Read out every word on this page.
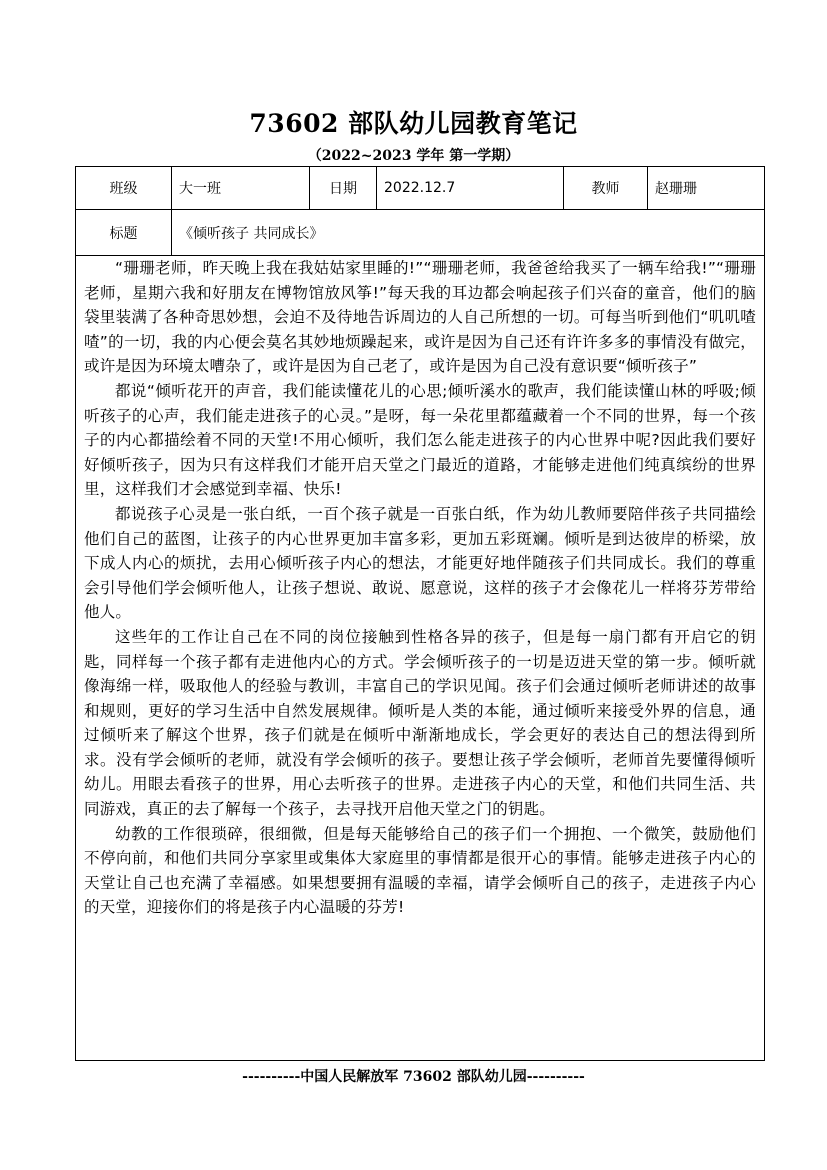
73602 部队幼儿园教育笔记
（2022~2023 学年 第一学期）
班级	大一班	日期	2022.12.7	教师	赵珊珊
标题	《倾听孩子 共同成长》				

“珊珊老师，昨天晚上我在我姑姑家里睡的!”“珊珊老师，我爸爸给我买了一辆车给我!”“珊珊老师，星期六我和好朋友在博物馆放风筝!”每天我的耳边都会响起孩子们兴奋的童音，他们的脑袋里装满了各种奇思妙想，会迫不及待地告诉周边的人自己所想的一切。可每当听到他们“叽叽喳喳”的一切，我的内心便会莫名其妙地烦躁起来，或许是因为自己还有许许多多的事情没有做完，或许是因为环境太嘈杂了，或许是因为自己老了，或许是因为自己没有意识要“倾听孩子”

都说“倾听花开的声音，我们能读懂花儿的心思;倾听溪水的歌声，我们能读懂山林的呼吸;倾听孩子的心声，我们能走进孩子的心灵。”是呀，每一朵花里都蕴藏着一个不同的世界，每一个孩子的内心都描绘着不同的天堂!不用心倾听，我们怎么能走进孩子的内心世界中呢?因此我们要好好倾听孩子，因为只有这样我们才能开启天堂之门最近的道路，才能够走进他们纯真缤纷的世界里，这样我们才会感觉到幸福、快乐!

都说孩子心灵是一张白纸，一百个孩子就是一百张白纸，作为幼儿教师要陪伴孩子共同描绘他们自己的蓝图，让孩子的内心世界更加丰富多彩，更加五彩斑斓。倾听是到达彼岸的桥梁，放下成人内心的烦扰，去用心倾听孩子内心的想法，才能更好地伴随孩子们共同成长。我们的尊重会引导他们学会倾听他人，让孩子想说、敢说、愿意说，这样的孩子才会像花儿一样将芬芳带给他人。

这些年的工作让自己在不同的岗位接触到性格各异的孩子，但是每一扇门都有开启它的钥匙，同样每一个孩子都有走进他内心的方式。学会倾听孩子的一切是迈进天堂的第一步。倾听就像海绵一样，吸取他人的经验与教训，丰富自己的学识见闻。孩子们会通过倾听老师讲述的故事和规则，更好的学习生活中自然发展规律。倾听是人类的本能，通过倾听来接受外界的信息，通过倾听来了解这个世界，孩子们就是在倾听中渐渐地成长，学会更好的表达自己的想法得到所求。没有学会倾听的老师，就没有学会倾听的孩子。要想让孩子学会倾听，老师首先要懂得倾听幼儿。用眼去看孩子的世界，用心去听孩子的世界。走进孩子内心的天堂，和他们共同生活、共同游戏，真正的去了解每一个孩子，去寻找开启他天堂之门的钥匙。

幼教的工作很琐碎，很细微，但是每天能够给自己的孩子们一个拥抱、一个微笑，鼓励他们不停向前，和他们共同分享家里或集体大家庭里的事情都是很开心的事情。能够走进孩子内心的天堂让自己也充满了幸福感。如果想要拥有温暖的幸福，请学会倾听自己的孩子，走进孩子内心的天堂，迎接你们的将是孩子内心温暖的芬芳!					

----------中国人民解放军 73602 部队幼儿园----------
